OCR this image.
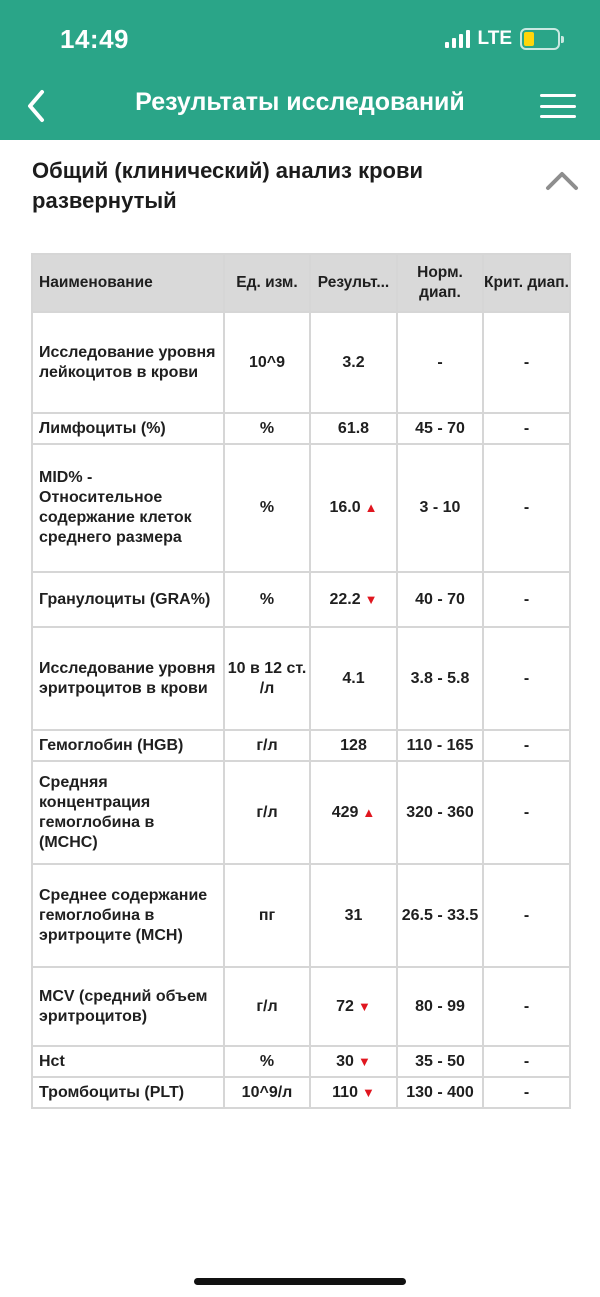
14:49	LTE
Результаты исследований
Общий (клинический) анализ крови развернутый
Наименование	Ед. изм.	Результ...	Норм. диап.	Крит. диап.
Исследование уровня лейкоцитов в крови	10^9	3.2	-	-
Лимфоциты (%)	%	61.8	45 - 70	-
MID% - Относительное содержание клеток среднего размера	%	16.0 ▲	3 - 10	-
Гранулоциты (GRA%)	%	22.2 ▼	40 - 70	-
Исследование уровня эритроцитов в крови	10 в 12 ст. /л	4.1	3.8 - 5.8	-
Гемоглобин (HGB)	г/л	128	110 - 165	-
Средняя концентрация гемоглобина в (MCHC)	г/л	429 ▲	320 - 360	-
Среднее содержание гемоглобина в эритроците (MCH)	пг	31	26.5 - 33.5	-
MCV (средний объем эритроцитов)	г/л	72 ▼	80 - 99	-
Hct	%	30 ▼	35 - 50	-
Тромбоциты (PLT)	10^9/л	110 ▼	130 - 400	-
